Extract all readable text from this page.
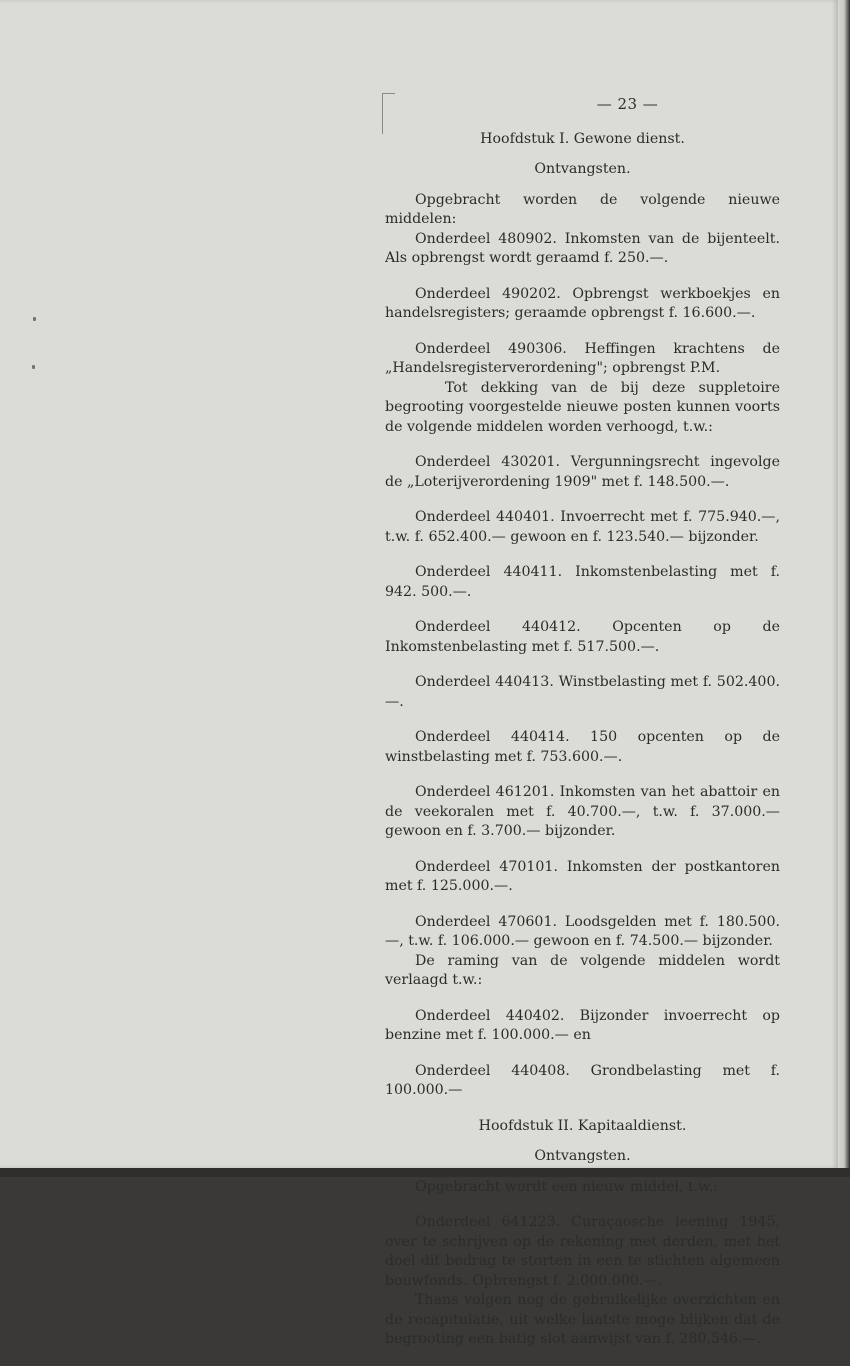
— 23 —

Hoofdstuk I. Gewone dienst.

Ontvangsten.

Opgebracht worden de volgende nieuwe middelen:

Onderdeel 480902. Inkomsten van de bijenteelt. Als opbrengst wordt geraamd f. 250.—.

Onderdeel 490202. Opbrengst werkboekjes en handelsregisters; geraamde opbrengst f. 16.600.—.

Onderdeel 490306. Heffingen krachtens de „Handelsregisterverordening"; opbrengst P.M.

Tot dekking van de bij deze suppletoire begrooting voorgestelde nieuwe posten kunnen voorts de volgende middelen worden verhoogd, t.w.:

Onderdeel 430201. Vergunningsrecht ingevolge de „Loterijverordening 1909" met f. 148.500.—.

Onderdeel 440401. Invoerrecht met f. 775.940.—, t.w. f. 652.400.— gewoon en f. 123.540.— bijzonder.

Onderdeel 440411. Inkomstenbelasting met f. 942. 500.—.

Onderdeel 440412. Opcenten op de Inkomstenbelasting met f. 517.500.—.

Onderdeel 440413. Winstbelasting met f. 502.400.—.

Onderdeel 440414. 150 opcenten op de winstbelasting met f. 753.600.—.

Onderdeel 461201. Inkomsten van het abattoir en de veekoralen met f. 40.700.—, t.w. f. 37.000.— gewoon en f. 3.700.— bijzonder.

Onderdeel 470101. Inkomsten der postkantoren met f. 125.000.—.

Onderdeel 470601. Loodsgelden met f. 180.500.—, t.w. f. 106.000.— gewoon en f. 74.500.— bijzonder.

De raming van de volgende middelen wordt verlaagd t.w.:

Onderdeel 440402. Bijzonder invoerrecht op benzine met f. 100.000.— en

Onderdeel 440408. Grondbelasting met f. 100.000.—

Hoofdstuk II. Kapitaaldienst.

Ontvangsten.

Opgebracht wordt een nieuw middel, t.w.:

Onderdeel 641223. Curaçaosche leening 1945, over te schrijven op de rekening met derden, met het doel dit bedrag te storten in een te stichten algemeen bouwfonds. Opbrengst f. 2.000.000.—.

Thans volgen nog de gebruikelijke overzichten en de recapitulatie, uit welke laatste moge blijken dat de begrooting een batig slot aanwijst van f. 280.546.—.
